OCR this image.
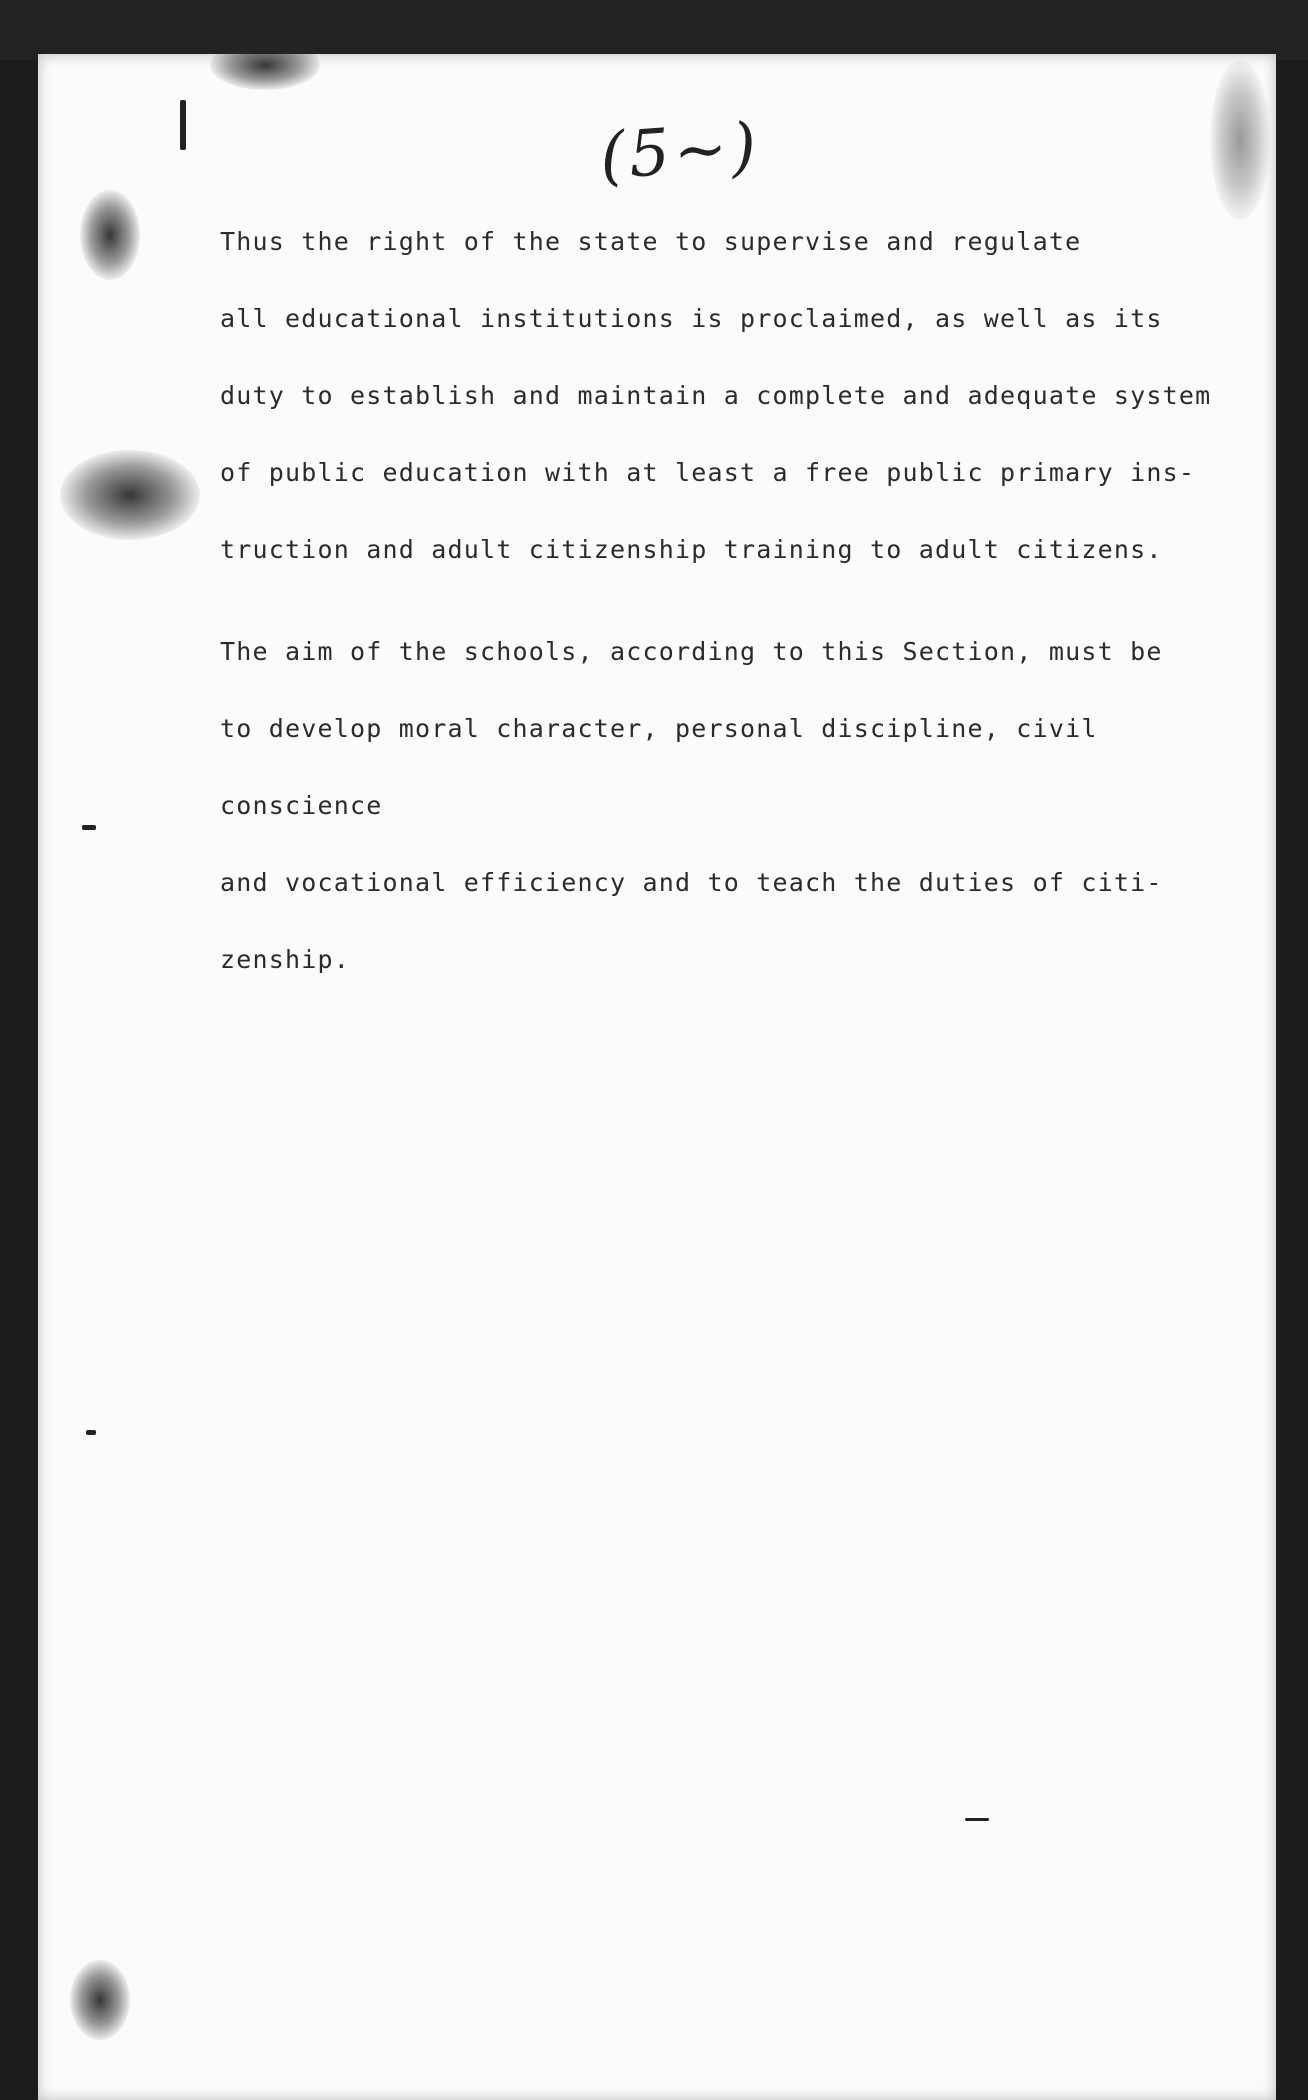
(5~)

Thus the right of the state to supervise and regulate
all educational institutions is proclaimed, as well as its
duty to establish and maintain a complete and adequate system
of public education with at least a free public primary ins-
truction and adult citizenship training to adult citizens.

The aim of the schools, according to this Section, must be
to develop moral character, personal discipline, civil conscience
and vocational efficiency and to teach the duties of citi-
zenship.
